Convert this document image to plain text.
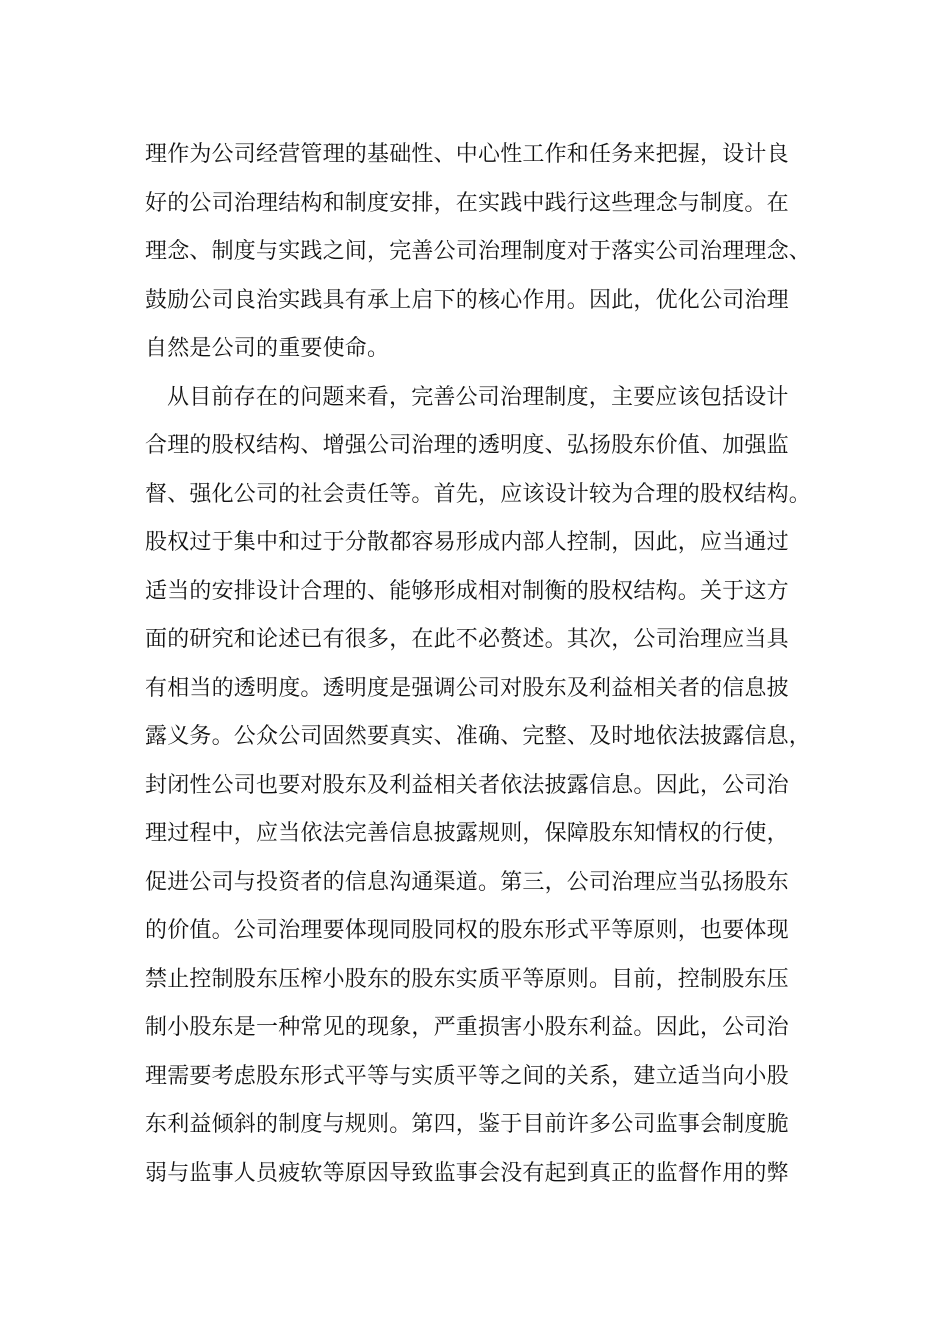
理作为公司经营管理的基础性、中心性工作和任务来把握，设计良
好的公司治理结构和制度安排，在实践中践行这些理念与制度。在
理念、制度与实践之间，完善公司治理制度对于落实公司治理理念、
鼓励公司良治实践具有承上启下的核心作用。因此，优化公司治理
自然是公司的重要使命。
从目前存在的问题来看，完善公司治理制度，主要应该包括设计
合理的股权结构、增强公司治理的透明度、弘扬股东价值、加强监
督、强化公司的社会责任等。首先，应该设计较为合理的股权结构。
股权过于集中和过于分散都容易形成内部人控制，因此，应当通过
适当的安排设计合理的、能够形成相对制衡的股权结构。关于这方
面的研究和论述已有很多，在此不必赘述。其次，公司治理应当具
有相当的透明度。透明度是强调公司对股东及利益相关者的信息披
露义务。公众公司固然要真实、准确、完整、及时地依法披露信息，
封闭性公司也要对股东及利益相关者依法披露信息。因此，公司治
理过程中，应当依法完善信息披露规则，保障股东知情权的行使，
促进公司与投资者的信息沟通渠道。第三，公司治理应当弘扬股东
的价值。公司治理要体现同股同权的股东形式平等原则，也要体现
禁止控制股东压榨小股东的股东实质平等原则。目前，控制股东压
制小股东是一种常见的现象，严重损害小股东利益。因此，公司治
理需要考虑股东形式平等与实质平等之间的关系，建立适当向小股
东利益倾斜的制度与规则。第四，鉴于目前许多公司监事会制度脆
弱与监事人员疲软等原因导致监事会没有起到真正的监督作用的弊
